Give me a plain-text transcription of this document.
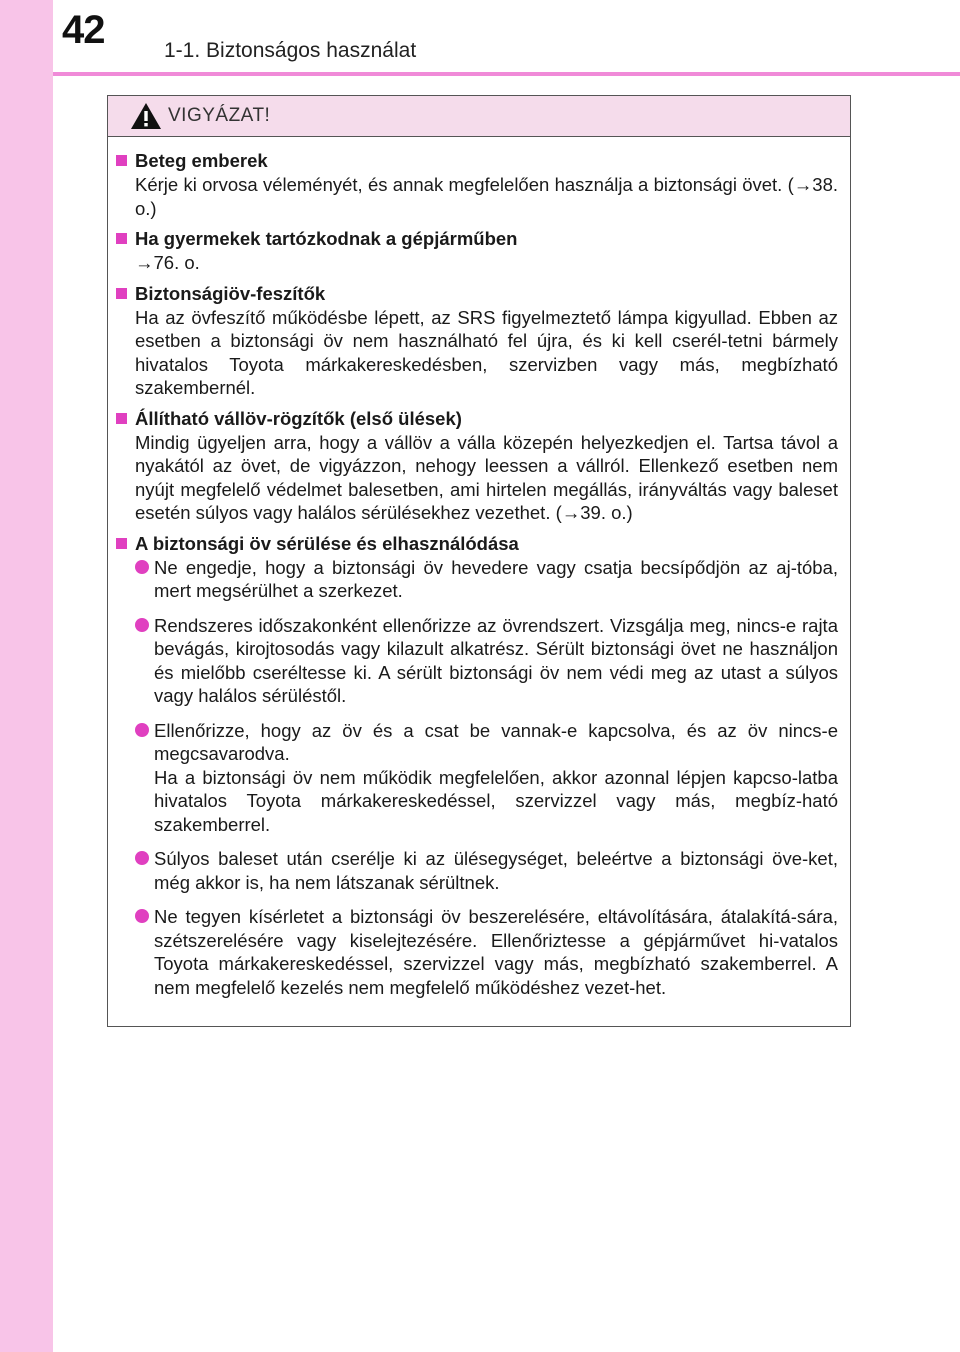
42	1-1. Biztonságos használat
VIGYÁZAT!
Beteg emberek
Kérje ki orvosa véleményét, és annak megfelelően használja a biztonsági övet. (→38. o.)
Ha gyermekek tartózkodnak a gépjárműben
→76. o.
Biztonságiöv-feszítők
Ha az övfeszítő működésbe lépett, az SRS figyelmeztető lámpa kigyullad. Ebben az esetben a biztonsági öv nem használható fel újra, és ki kell cserél-tetni bármely hivatalos Toyota márkakereskedésben, szervizben vagy más, megbízható szakembernél.
Állítható vállöv-rögzítők (első ülések)
Mindig ügyeljen arra, hogy a vállöv a válla közepén helyezkedjen el. Tartsa távol a nyakától az övet, de vigyázzon, nehogy leessen a vállról. Ellenkező esetben nem nyújt megfelelő védelmet balesetben, ami hirtelen megállás, irányváltás vagy baleset esetén súlyos vagy halálos sérülésekhez vezethet. (→39. o.)
A biztonsági öv sérülése és elhasználódása
Ne engedje, hogy a biztonsági öv hevedere vagy csatja becsípődjön az aj-tóba, mert megsérülhet a szerkezet.
Rendszeres időszakonként ellenőrizze az övrendszert. Vizsgálja meg, nincs-e rajta bevágás, kirojtosodás vagy kilazult alkatrész. Sérült biztonsági övet ne használjon és mielőbb cseréltesse ki. A sérült biztonsági öv nem védi meg az utast a súlyos vagy halálos sérüléstől.
Ellenőrizze, hogy az öv és a csat be vannak-e kapcsolva, és az öv nincs-e megcsavarodva.
Ha a biztonsági öv nem működik megfelelően, akkor azonnal lépjen kapcso-latba hivatalos Toyota márkakereskedéssel, szervizzel vagy más, megbíz-ható szakemberrel.
Súlyos baleset után cserélje ki az ülésegységet, beleértve a biztonsági öve-ket, még akkor is, ha nem látszanak sérültnek.
Ne tegyen kísérletet a biztonsági öv beszerelésére, eltávolítására, átalakítá-sára, szétszerelésére vagy kiselejtezésére. Ellenőriztesse a gépjárművet hi-vatalos Toyota márkakereskedéssel, szervizzel vagy más, megbízható szakemberrel. A nem megfelelő kezelés nem megfelelő működéshez vezet-het.
